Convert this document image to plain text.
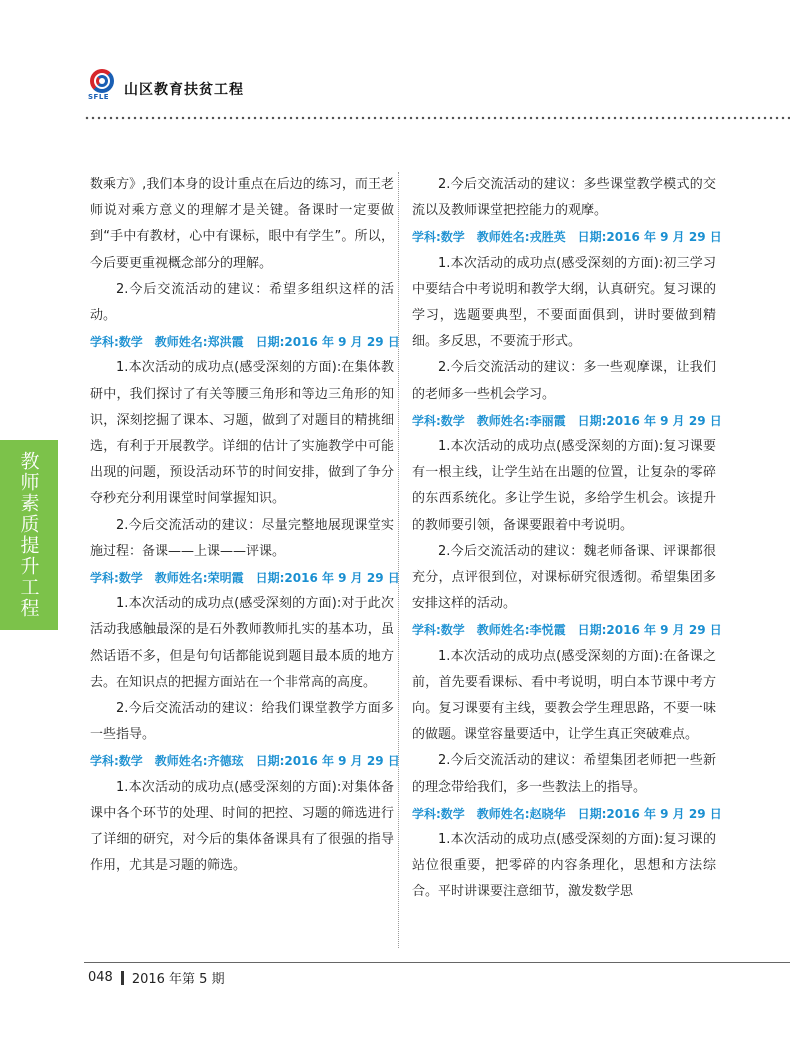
SFLE 山区教育扶贫工程
教师素质提升工程

数乘方》,我们本身的设计重点在后边的练习，而王老师说对乘方意义的理解才是关键。备课时一定要做到“手中有教材，心中有课标，眼中有学生”。所以，今后要更重视概念部分的理解。

2.今后交流活动的建议：希望多组织这样的活动。

学科:数学　教师姓名:郑洪霞　日期:2016 年 9 月 29 日

1.本次活动的成功点(感受深刻的方面):在集体教研中，我们探讨了有关等腰三角形和等边三角形的知识，深刻挖掘了课本、习题，做到了对题目的精挑细选，有利于开展教学。详细的估计了实施教学中可能出现的问题，预设活动环节的时间安排，做到了争分夺秒充分利用课堂时间掌握知识。

2.今后交流活动的建议：尽量完整地展现课堂实施过程：备课——上课——评课。

学科:数学　教师姓名:荣明霞　日期:2016 年 9 月 29 日

1.本次活动的成功点(感受深刻的方面):对于此次活动我感触最深的是石外教师教师扎实的基本功，虽然话语不多，但是句句话都能说到题目最本质的地方去。在知识点的把握方面站在一个非常高的高度。

2.今后交流活动的建议：给我们课堂教学方面多一些指导。

学科:数学　教师姓名:齐德玹　日期:2016 年 9 月 29 日

1.本次活动的成功点(感受深刻的方面):对集体备课中各个环节的处理、时间的把控、习题的筛选进行了详细的研究，对今后的集体备课具有了很强的指导作用，尤其是习题的筛选。

2.今后交流活动的建议：多些课堂教学模式的交流以及教师课堂把控能力的观摩。

学科:数学　教师姓名:戎胜英　日期:2016 年 9 月 29 日

1.本次活动的成功点(感受深刻的方面):初三学习中要结合中考说明和教学大纲，认真研究。复习课的学习，选题要典型，不要面面俱到，讲时要做到精细。多反思，不要流于形式。

2.今后交流活动的建议：多一些观摩课，让我们的老师多一些机会学习。

学科:数学　教师姓名:李丽霞　日期:2016 年 9 月 29 日

1.本次活动的成功点(感受深刻的方面):复习课要有一根主线，让学生站在出题的位置，让复杂的零碎的东西系统化。多让学生说，多给学生机会。该提升的教师要引领，备课要跟着中考说明。

2.今后交流活动的建议：魏老师备课、评课都很充分，点评很到位，对课标研究很透彻。希望集团多安排这样的活动。

学科:数学　教师姓名:李悦霞　日期:2016 年 9 月 29 日

1.本次活动的成功点(感受深刻的方面):在备课之前，首先要看课标、看中考说明，明白本节课中考方向。复习课要有主线，要教会学生理思路，不要一味的做题。课堂容量要适中，让学生真正突破难点。

2.今后交流活动的建议：希望集团老师把一些新的理念带给我们，多一些教法上的指导。

学科:数学　教师姓名:赵晓华　日期:2016 年 9 月 29 日

1.本次活动的成功点(感受深刻的方面):复习课的站位很重要，把零碎的内容条理化，思想和方法综合。平时讲课要注意细节，激发数学思

048 2016 年第 5 期
